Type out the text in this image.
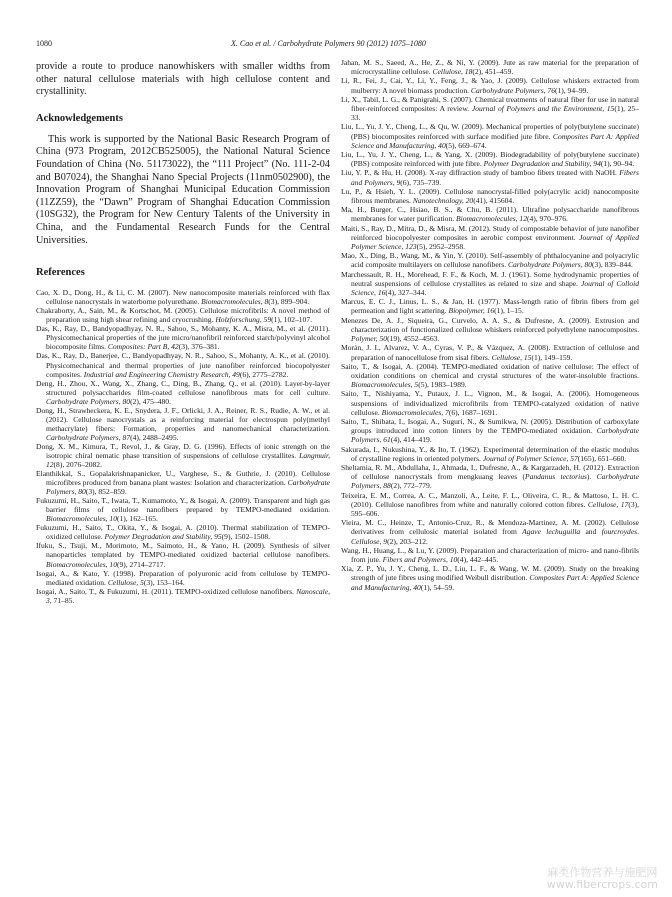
1080	X. Cao et al. / Carbohydrate Polymers 90 (2012) 1075–1080

provide a route to produce nanowhiskers with smaller widths from other natural cellulose materials with high cellulose content and crystallinity.

Acknowledgements

This work is supported by the National Basic Research Program of China (973 Program, 2012CB525005), the National Natural Science Foundation of China (No. 51173022), the “111 Project” (No. 111-2-04 and B07024), the Shanghai Nano Special Projects (11nm0502900), the Innovation Program of Shanghai Municipal Education Commission (11ZZ59), the “Dawn” Program of Shanghai Education Commission (10SG32), the Program for New Century Talents of the University in China, and the Fundamental Research Funds for the Central Universities.

References

Cao, X. D., Dong, H., & Li, C. M. (2007). New nanocomposite materials reinforced with flax cellulose nanocrystals in waterborne polyurethane. Biomacromolecules, 8(3), 899–904.

Chakraborty, A., Sain, M., & Kortschot, M. (2005). Cellulose microfibrils: A novel method of preparation using high shear refining and cryocrushing. Holzforschung, 59(1), 102–107.

Das, K., Ray, D., Bandyopadhyay, N. R., Sahoo, S., Mohanty, K. A., Misra, M., et al. (2011). Physicomechanical properties of the jute micro/nanofibril reinforced starch/polyvinyl alcohol biocomposite films. Composites: Part B, 42(3), 376–381.

Das, K., Ray, D., Banerjee, C., Bandyopadhyay, N. R., Sahoo, S., Mohanty, A. K., et al. (2010). Physicomechanical and thermal properties of jute nanofiber reinforced biocopolyester composites. Industrial and Engineering Chemistry Research, 49(6), 2775–2782.

Deng, H., Zhou, X., Wang, X., Zhang, C., Ding, B., Zhang, Q., et al. (2010). Layer-by-layer structured polysaccharides film-coated cellulose nanofibrous mats for cell culture. Carbohydrate Polymers, 80(2), 475–480.

Dong, H., Strawheckera, K. E., Snydera, J. F., Orlicki, J. A., Reiner, R. S., Rudie, A. W., et al. (2012). Cellulose nanocrystals as a reinforcing material for electrospun poly(methyl methacrylate) fibers: Formation, properties and nanomechanical characterization. Carbohydrate Polymers, 87(4), 2488–2495.

Dong, X. M., Kimura, T., Revol, J., & Gray, D. G. (1996). Effects of ionic strength on the isotropic chiral nematic phase transition of suspensions of cellulose crystallites. Langmuir, 12(8), 2076–2082.

Elanthikkal, S., Gopalakrishnapanicker, U., Varghese, S., & Guthrie, J. (2010). Cellulose microfibres produced from banana plant wastes: Isolation and characterization. Carbohydrate Polymers, 80(3), 852–859.

Fukuzumi, H., Saito, T., Iwata, T., Kumamoto, Y., & Isogai, A. (2009). Transparent and high gas barrier films of cellulose nanofibers prepared by TEMPO-mediated oxidation. Biomacromolecules, 10(1), 162–165.

Fukuzumi, H., Saito, T., Okita, Y., & Isogai, A. (2010). Thermal stabilization of TEMPO-oxidized cellulose. Polymer Degradation and Stability, 95(9), 1502–1508.

Ifuku, S., Tsuji, M., Morimoto, M., Saimoto, H., & Yano, H. (2009). Synthesis of silver nanoparticles templated by TEMPO-mediated oxidized bacterial cellulose nanofibers. Biomacromolecules, 10(9), 2714–2717.

Isogai, A., & Kato, Y. (1998). Preparation of polyuronic acid from cellulose by TEMPO-mediated oxidation. Cellulose, 5(3), 153–164.

Isogai, A., Saito, T., & Fukuzumi, H. (2011). TEMPO-oxidized cellulose nanofibers. Nanoscale, 3, 71–85.

Jahan, M. S., Saeed, A., He, Z., & Ni, Y. (2009). Jute as raw material for the preparation of microcrystalline cellulose. Cellulose, 18(2), 451–459.

Li, R., Fei, J., Cai, Y., Li, Y., Feng, J., & Yao, J. (2009). Cellulose whiskers extracted from mulberry: A novel biomass production. Carbohydrate Polymers, 76(1), 94–99.

Li, X., Tabil, L. G., & Panigrahi, S. (2007). Chemical treatments of natural fiber for use in natural fiber-reinforced composites: A review. Journal of Polymers and the Environment, 15(1), 25–33.

Liu, L., Yu, J. Y., Cheng, L., & Qu, W. (2009). Mechanical properties of poly(butylene succinate) (PBS) biocomposites reinforced with surface modified jute fibre. Composites Part A: Applied Science and Manufacturing, 40(5), 669–674.

Liu, L., Yu, J. Y., Cheng, L., & Yang, X. (2009). Biodegradability of poly(butylene succinate) (PBS) composite reinforced with jute fibre. Polymer Degradation and Stability, 94(1), 90–94.

Liu, Y. P., & Hu, H. (2008). X-ray diffraction study of bamboo fibers treated with NaOH. Fibers and Polymers, 9(6), 735–739.

Lu, P., & Hsieh, Y. L. (2009). Cellulose nanocrystal-filled poly(acrylic acid) nanocomposite fibrous membranes. Nanotechnology, 20(41), 415604.

Ma, H., Burger, C., Hsiao, B. S., & Chu, B. (2011). Ultrafine polysaccharide nanofibrous membranes for water purification. Biomacromolecules, 12(4), 970–976.

Maiti, S., Ray, D., Mitra, D., & Misra, M. (2012). Study of compostable behavior of jute nanofiber reinforced biocopolyester composites in aerobic compost environment. Journal of Applied Polymer Science, 123(5), 2952–2958.

Mao, X., Ding, B., Wang, M., & Yin, Y. (2010). Self-assembly of phthalocyanine and polyacrylic acid composite multilayers on cellulose nanofibers. Carbohydrate Polymers, 80(3), 839–844.

Marchessault, R. H., Morehead, F. F., & Koch, M. J. (1961). Some hydrodynamic properties of neutral suspensions of cellulose crystallites as related to size and shape. Journal of Colloid Science, 16(4), 327–344.

Marcus, E. C. J., Linus, L. S., & Jan, H. (1977). Mass-length ratio of fibrin fibers from gel permeation and light scattering. Biopolymer, 16(1), 1–15.

Menezes De, A. J., Siqueira, G., Curvelo, A. A. S., & Dufresne, A. (2009). Extrusion and characterization of functionalized cellulose whiskers reinforced polyethylene nanocomposites. Polymer, 50(19), 4552–4563.

Morán, J. I., Alvarez, V. A., Cyras, V. P., & Vázquez, A. (2008). Extraction of cellulose and preparation of nanocellulose from sisal fibers. Cellulose, 15(1), 149–159.

Saito, T., & Isogai, A. (2004). TEMPO-mediated oxidation of native cellulose: The effect of oxidation conditions on chemical and crystal structures of the water-insoluble fractions. Biomacromolecules, 5(5), 1983–1989.

Saito, T., Nishiyama, Y., Putaux, J. L., Vignon, M., & Isogai, A. (2006). Homogeneous suspensions of individualized microfibrils from TEMPO-catalyzed oxidation of native cellulose. Biomacromolecules, 7(6), 1687–1691.

Saito, T., Shibata, I., Isogai, A., Suguri, N., & Sumikwa, N. (2005). Distribution of carboxylate groups introduced into cotton linters by the TEMPO-mediated oxidation. Carbohydrate Polymers, 61(4), 414–419.

Sakurada, I., Nukushina, Y., & Ito, T. (1962). Experimental determination of the elastic modulus of crystalline regions in oriented polymers. Journal of Polymer Science, 57(165), 651–660.

Sheltamia, R. M., Abdullaha, I., Ahmada, I., Dufresne, A., & Kargarzadeh, H. (2012). Extraction of cellulose nanocrystals from mengkuang leaves (Pandanus tectorius). Carbohydrate Polymers, 88(2), 772–779.

Teixeira, E. M., Correa, A. C., Manzoli, A., Leite, F. L., Oliveira, C. R., & Mattoso, L. H. C. (2010). Cellulose nanofibres from white and naturally colored cotton fibres. Cellulose, 17(3), 595–606.

Vieira, M. C., Heinze, T., Antonio-Cruz, R., & Mendoza-Martinez, A. M. (2002). Cellulose derivatives from cellulosic material isolated from Agave lechuguilla and fourcroydes. Cellulose, 9(2), 203–212.

Wang, H., Huang, L., & Lu, Y. (2009). Preparation and characterization of micro- and nano-fibrils from jute. Fibers and Polymers, 10(4), 442–445.

Xia, Z. P., Yu, J. Y., Cheng, L. D., Liu, L. F., & Wang, W. M. (2009). Study on the breaking strength of jute fibres using modified Weibull distribution. Composites Part A: Applied Science and Manufacturing, 40(1), 54–59.

麻类作物营养与施肥网
www.fibercrops.com
